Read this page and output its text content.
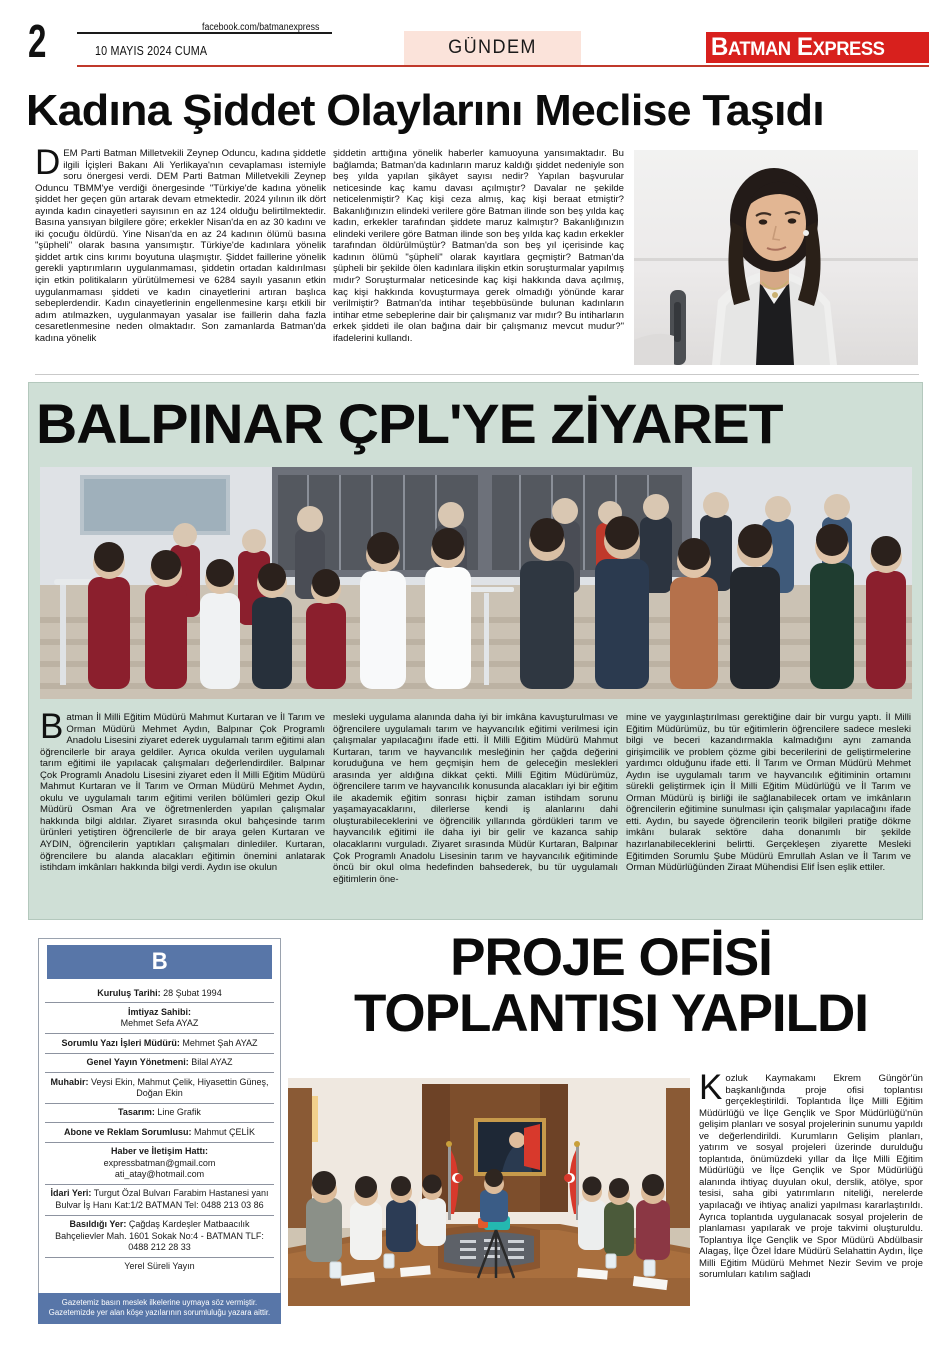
2	facebook.com/batmanexpress
10 MAYIS 2024 CUMA	GÜNDEM	BATMAN EXPRESS
Kadına Şiddet Olaylarını Meclise Taşıdı
DEM Parti Batman Milletvekili Zeynep Oduncu, kadına şiddetle ilgili İçişleri Bakanı Ali Yerlikaya'nın cevaplaması istemiyle soru önergesi verdi. DEM Parti Batman Milletvekili Zeynep Oduncu TBMM'ye verdiği önergesinde "Türkiye'de kadına yönelik şiddet her geçen gün artarak devam etmektedir. 2024 yılının ilk dört ayında kadın cinayetleri sayısının en az 124 olduğu belirtilmektedir. Basına yansıyan bilgilere göre; erkekler Nisan'da en az 30 kadını ve iki çocuğu öldürdü. Yine Nisan'da en az 24 kadının ölümü basına "şüpheli" olarak basına yansımıştır. Türkiye'de kadınlara yönelik şiddet artık cins kırımı boyutuna ulaşmıştır. Şiddet faillerine yönelik gerekli yaptırımların uygulanmaması, şiddetin ortadan kaldırılması için etkin politikaların yürütülmemesi ve 6284 sayılı yasanın etkin uygulanmaması şiddeti ve kadın cinayetlerini artıran başlıca sebeplerdendir. Kadın cinayetlerinin engellenmesine karşı etkili bir adım atılmazken, uygulanmayan yasalar ise faillerin daha fazla cesaretlenmesine neden olmaktadır. Son zamanlarda Batman'da kadına yönelik
şiddetin arttığına yönelik haberler kamuoyuna yansımaktadır. Bu bağlamda; Batman'da kadınların maruz kaldığı şiddet nedeniyle son beş yılda yapılan şikâyet sayısı nedir? Yapılan başvurular neticesinde kaç kamu davası açılmıştır? Davalar ne şekilde neticelenmiştir? Kaç kişi ceza almış, kaç kişi beraat etmiştir? Bakanlığınızın elindeki verilere göre Batman ilinde son beş yılda kaç kadın, erkekler tarafından şiddete maruz kalmıştır? Bakanlığınızın elindeki verilere göre Batman ilinde son beş yılda kaç kadın erkekler tarafından öldürülmüştür? Batman'da son beş yıl içerisinde kaç kadının ölümü "şüpheli" olarak kayıtlara geçmiştir? Batman'da şüpheli bir şekilde ölen kadınlara ilişkin etkin soruşturmalar yapılmış mıdır? Soruşturmalar neticesinde kaç kişi hakkında dava açılmış, kaç kişi hakkında kovuşturmaya gerek olmadığı yönünde karar verilmiştir? Batman'da intihar teşebbüsünde bulunan kadınların intihar etme sebeplerine dair bir çalışmanız var mıdır? Bu intiharların erkek şiddeti ile olan bağına dair bir çalışmanız mevcut mudur?" ifadelerini kullandı.
BALPINAR ÇPL'YE ZİYARET
Batman İl Milli Eğitim Müdürü Mahmut Kurtaran ve İl Tarım ve Orman Müdürü Mehmet Aydın, Balpınar Çok Programlı Anadolu Lisesini ziyaret ederek uygulamalı tarım eğitimi alan öğrencilerle bir araya geldiler. Ayrıca okulda verilen uygulamalı tarım eğitimi ile yapılacak çalışmaları değerlendirdiler. Balpınar Çok Programlı Anadolu Lisesini ziyaret eden İl Milli Eğitim Müdürü Mahmut Kurtaran ve İl Tarım ve Orman Müdürü Mehmet Aydın, okulu ve uygulamalı tarım eğitimi verilen bölümleri gezip Okul Müdürü Osman Ara ve öğretmenlerden yapılan çalışmalar hakkında bilgi aldılar. Ziyaret sırasında okul bahçesinde tarım ürünleri yetiştiren öğrencilerle de bir araya gelen Kurtaran ve AYDIN, öğrencilerin yaptıkları çalışmaları dinlediler. Kurtaran, öğrencilere bu alanda alacakları eğitimin önemini anlatarak istihdam imkânları hakkında bilgi verdi. Aydın ise okulun
mesleki uygulama alanında daha iyi bir imkâna kavuşturulması ve öğrencilere uygulamalı tarım ve hayvancılık eğitimi verilmesi için çalışmalar yapılacağını ifade etti. İl Milli Eğitim Müdürü Mahmut Kurtaran, tarım ve hayvancılık mesleğinin her çağda değerini koruduğuna ve hem geçmişin hem de geleceğin meslekleri arasında yer aldığına dikkat çekti. Milli Eğitim Müdürümüz, öğrencilere tarım ve hayvancılık konusunda alacakları iyi bir eğitim ile akademik eğitim sonrası hiçbir zaman istihdam sorunu yaşamayacaklarını, dilerlerse kendi iş alanlarını dahi oluşturabileceklerini ve öğrencilik yıllarında gördükleri tarım ve hayvancılık eğitimi ile daha iyi bir gelir ve kazanca sahip olacaklarını vurguladı. Ziyaret sırasında Müdür Kurtaran, Balpınar Çok Programlı Anadolu Lisesinin tarım ve hayvancılık eğitiminde öncü bir okul olma hedefinden bahsederek, bu tür uygulamalı eğitimlerin öne-
mine ve yaygınlaştırılması gerektiğine dair bir vurgu yaptı. İl Milli Eğitim Müdürümüz, bu tür eğitimlerin öğrencilere sadece mesleki bilgi ve beceri kazandırmakla kalmadığını aynı zamanda girişimcilik ve problem çözme gibi becerilerini de geliştirmelerine yardımcı olduğunu ifade etti. İl Tarım ve Orman Müdürü Mehmet Aydın ise uygulamalı tarım ve hayvancılık eğitiminin ortamını sürekli geliştirmek için İl Milli Eğitim Müdürlüğü ve İl Tarım ve Orman Müdürü iş birliği ile sağlanabilecek ortam ve imkânların öğrencilerin eğitimine sunulması için çalışmalar yapılacağını ifade etti. Aydın, bu sayede öğrencilerin teorik bilgileri pratiğe dökme imkânı bularak sektöre daha donanımlı bir şekilde hazırlanabileceklerini belirtti. Gerçekleşen ziyarette Mesleki Eğitimden Sorumlu Şube Müdürü Emrullah Aslan ve İl Tarım ve Orman Müdürlüğünden Ziraat Mühendisi Elif İsen eşlik ettiler.
B
Kuruluş Tarihi: 28 Şubat 1994
İmtiyaz Sahibi:
Mehmet Sefa AYAZ
Sorumlu Yazı İşleri Müdürü: Mehmet Şah AYAZ
Genel Yayın Yönetmeni: Bilal AYAZ
Muhabir: Veysi Ekin, Mahmut Çelik, Hiyasettin Güneş, Doğan Ekin
Tasarım: Line Grafik
Abone ve Reklam Sorumlusu: Mahmut ÇELİK
Haber ve İletişim Hattı:
expressbatman@gmail.com
ati_atay@hotmail.com
İdari Yeri: Turgut Özal Bulvarı Farabim Hastanesi yanı Bulvar İş Hanı Kat:1/2 BATMAN Tel: 0488 213 03 86
Basıldığı Yer: Çağdaş Kardeşler Matbaacılık Bahçelievler Mah. 1601 Sokak No:4 - BATMAN TLF: 0488 212 28 33
Yerel Süreli Yayın
Gazetemiz basın meslek ilkelerine uymaya söz vermiştir. Gazetemizde yer alan köşe yazılarının sorumluluğu yazara aittir.
PROJE OFİSİ
TOPLANTISI YAPILDI
Kozluk Kaymakamı Ekrem Güngör'ün başkanlığında proje ofisi toplantısı gerçekleştirildi. Toplantıda İlçe Milli Eğitim Müdürlüğü ve İlçe Gençlik ve Spor Müdürlüğü'nün gelişim planları ve sosyal projelerinin sunumu yapıldı ve değerlendirildi. Kurumların Gelişim planları, yatırım ve sosyal projeleri üzerinde durulduğu toplantıda, önümüzdeki yıllar da İlçe Milli Eğitim Müdürlüğü ve İlçe Gençlik ve Spor Müdürlüğü alanında ihtiyaç duyulan okul, derslik, atölye, spor tesisi, saha gibi yatırımların niteliği, nerelerde yapılacağı ve ihtiyaç analizi yapılması kararlaştırıldı. Ayrıca toplantıda uygulanacak sosyal projelerin de planlaması yapılarak ve proje takvimi oluşturuldu. Toplantıya İlçe Gençlik ve Spor Müdürü Abdülbasir Alagaş, İlçe Özel İdare Müdürü Selahattin Aydın, İlçe Milli Eğitim Müdürü Mehmet Nezir Sevim ve proje sorumluları katılım sağladı
